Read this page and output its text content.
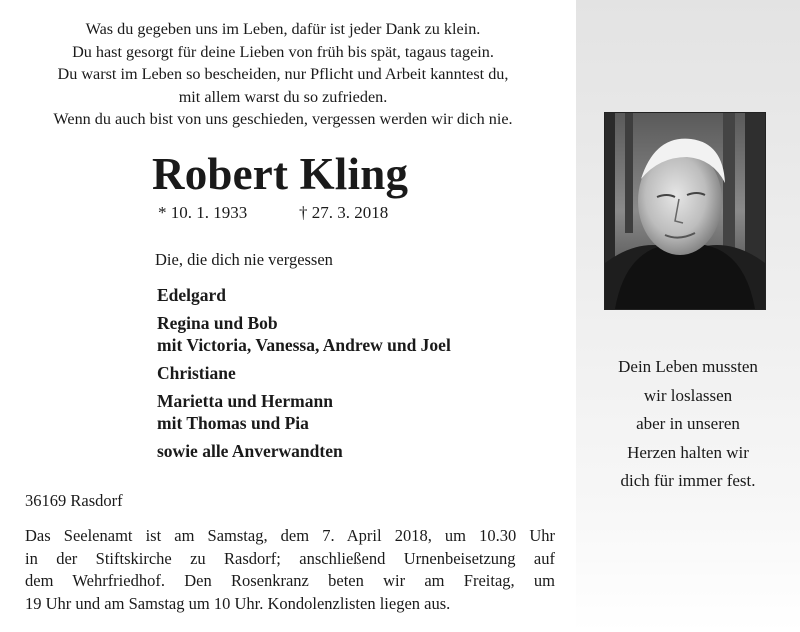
Was du gegeben uns im Leben, dafür ist jeder Dank zu klein.
Du hast gesorgt für deine Lieben von früh bis spät, tagaus tagein.
Du warst im Leben so bescheiden, nur Pflicht und Arbeit kanntest du,
mit allem warst du so zufrieden.
Wenn du auch bist von uns geschieden, vergessen werden wir dich nie.
Robert Kling
* 10. 1. 1933	† 27. 3. 2018
Die, die dich nie vergessen
Edelgard
Regina und Bob
mit Victoria, Vanessa, Andrew und Joel
Christiane
Marietta und Hermann
mit Thomas und Pia
sowie alle Anverwandten
36169 Rasdorf
Das Seelenamt ist am Samstag, dem 7. April 2018, um 10.30 Uhr
in der Stiftskirche zu Rasdorf; anschließend Urnenbeisetzung auf
dem Wehrfriedhof. Den Rosenkranz beten wir am Freitag, um
19 Uhr und am Samstag um 10 Uhr. Kondolenzlisten liegen aus.
Dein Leben mussten
wir loslassen
aber in unseren
Herzen halten wir
dich für immer fest.
